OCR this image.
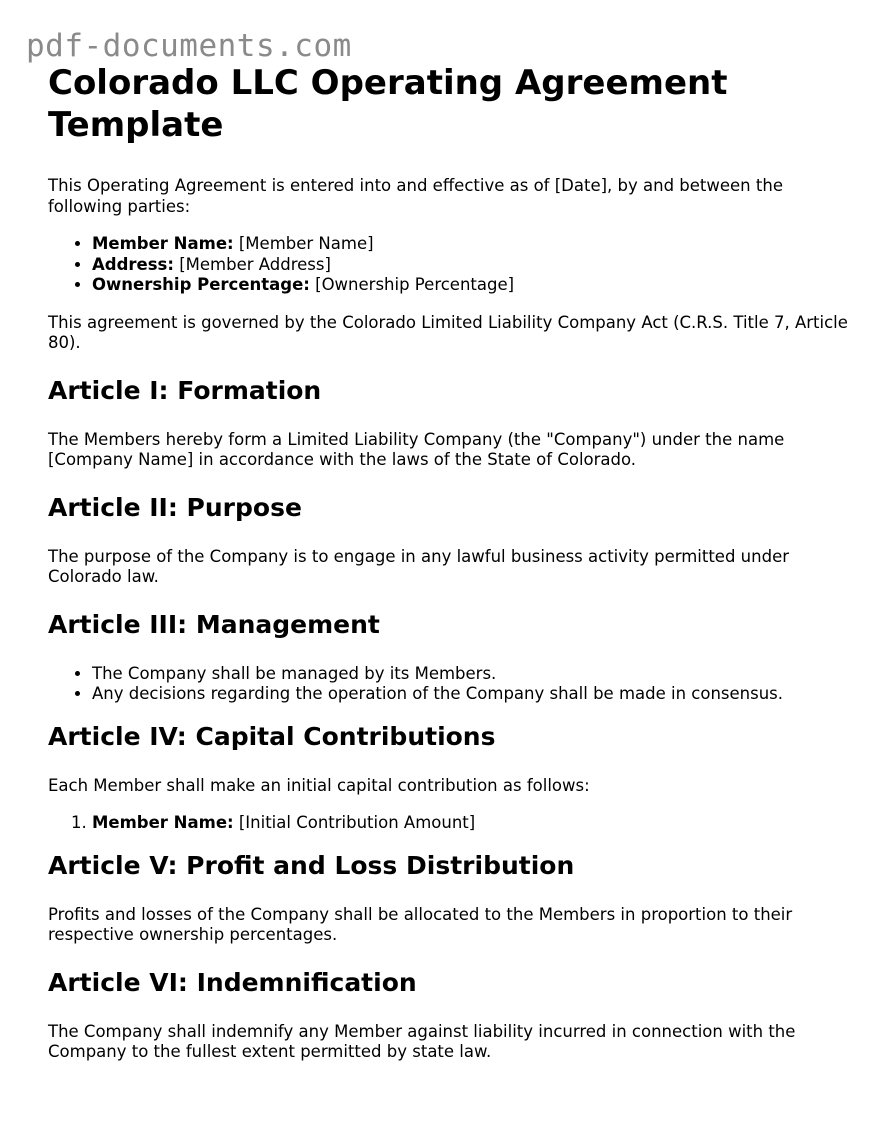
pdf-documents.com
Colorado LLC Operating Agreement Template

This Operating Agreement is entered into and effective as of [Date], by and between the following parties:

• Member Name: [Member Name]
• Address: [Member Address]
• Ownership Percentage: [Ownership Percentage]

This agreement is governed by the Colorado Limited Liability Company Act (C.R.S. Title 7, Article 80).

Article I: Formation

The Members hereby form a Limited Liability Company (the "Company") under the name [Company Name] in accordance with the laws of the State of Colorado.

Article II: Purpose

The purpose of the Company is to engage in any lawful business activity permitted under Colorado law.

Article III: Management
• The Company shall be managed by its Members.
• Any decisions regarding the operation of the Company shall be made in consensus.
Article IV: Capital Contributions

Each Member shall make an initial capital contribution as follows:

1. Member Name: [Initial Contribution Amount]
Article V: Profit and Loss Distribution

Profits and losses of the Company shall be allocated to the Members in proportion to their respective ownership percentages.

Article VI: Indemnification

The Company shall indemnify any Member against liability incurred in connection with the Company to the fullest extent permitted by state law.
